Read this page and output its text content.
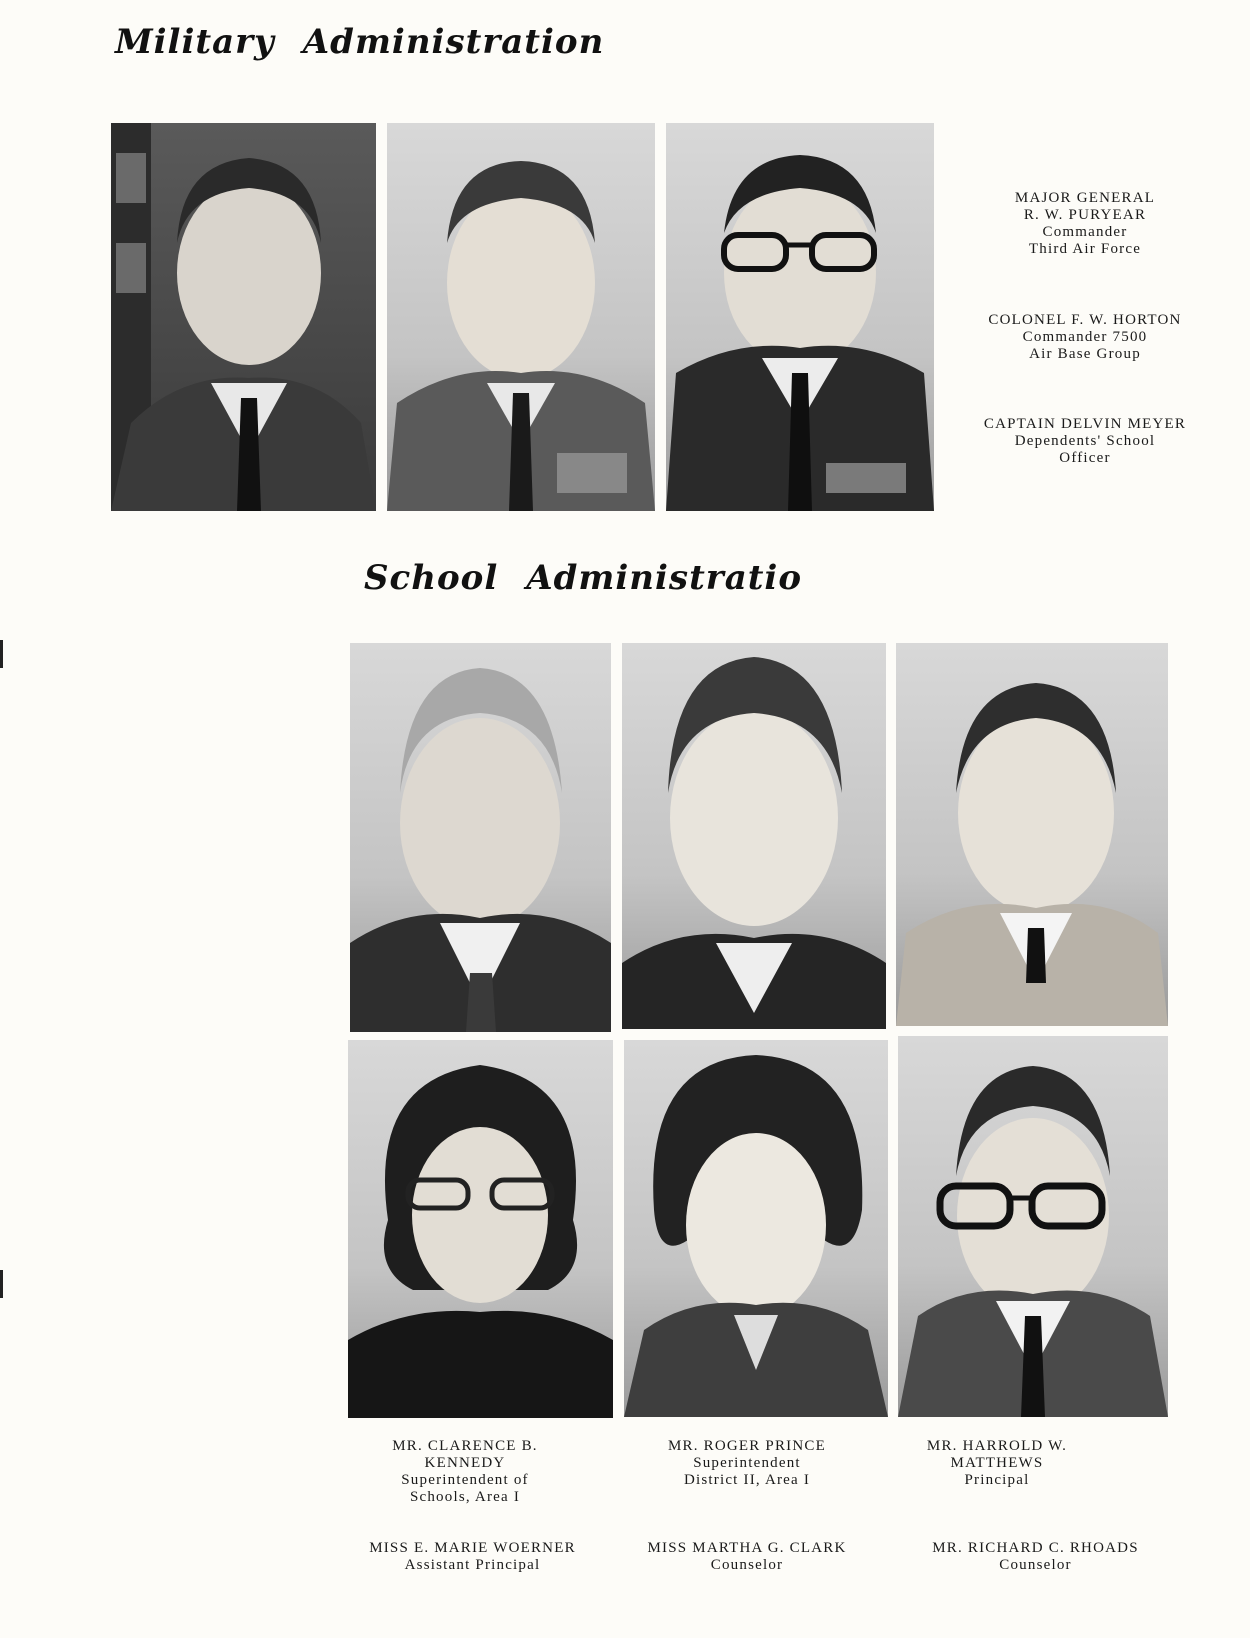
Military Administration
MAJOR GENERAL
R. W. PURYEAR
Commander
Third Air Force
COLONEL F. W. HORTON
Commander 7500
Air Base Group
CAPTAIN DELVIN MEYER
Dependents' School
Officer
School Administratio
MR. CLARENCE B.
KENNEDY
Superintendent of
Schools, Area I
MR. ROGER PRINCE
Superintendent
District II, Area I
MR. HARROLD W.
MATTHEWS
Principal
MISS E. MARIE WOERNER
Assistant Principal
MISS MARTHA G. CLARK
Counselor
MR. RICHARD C. RHOADS
Counselor
